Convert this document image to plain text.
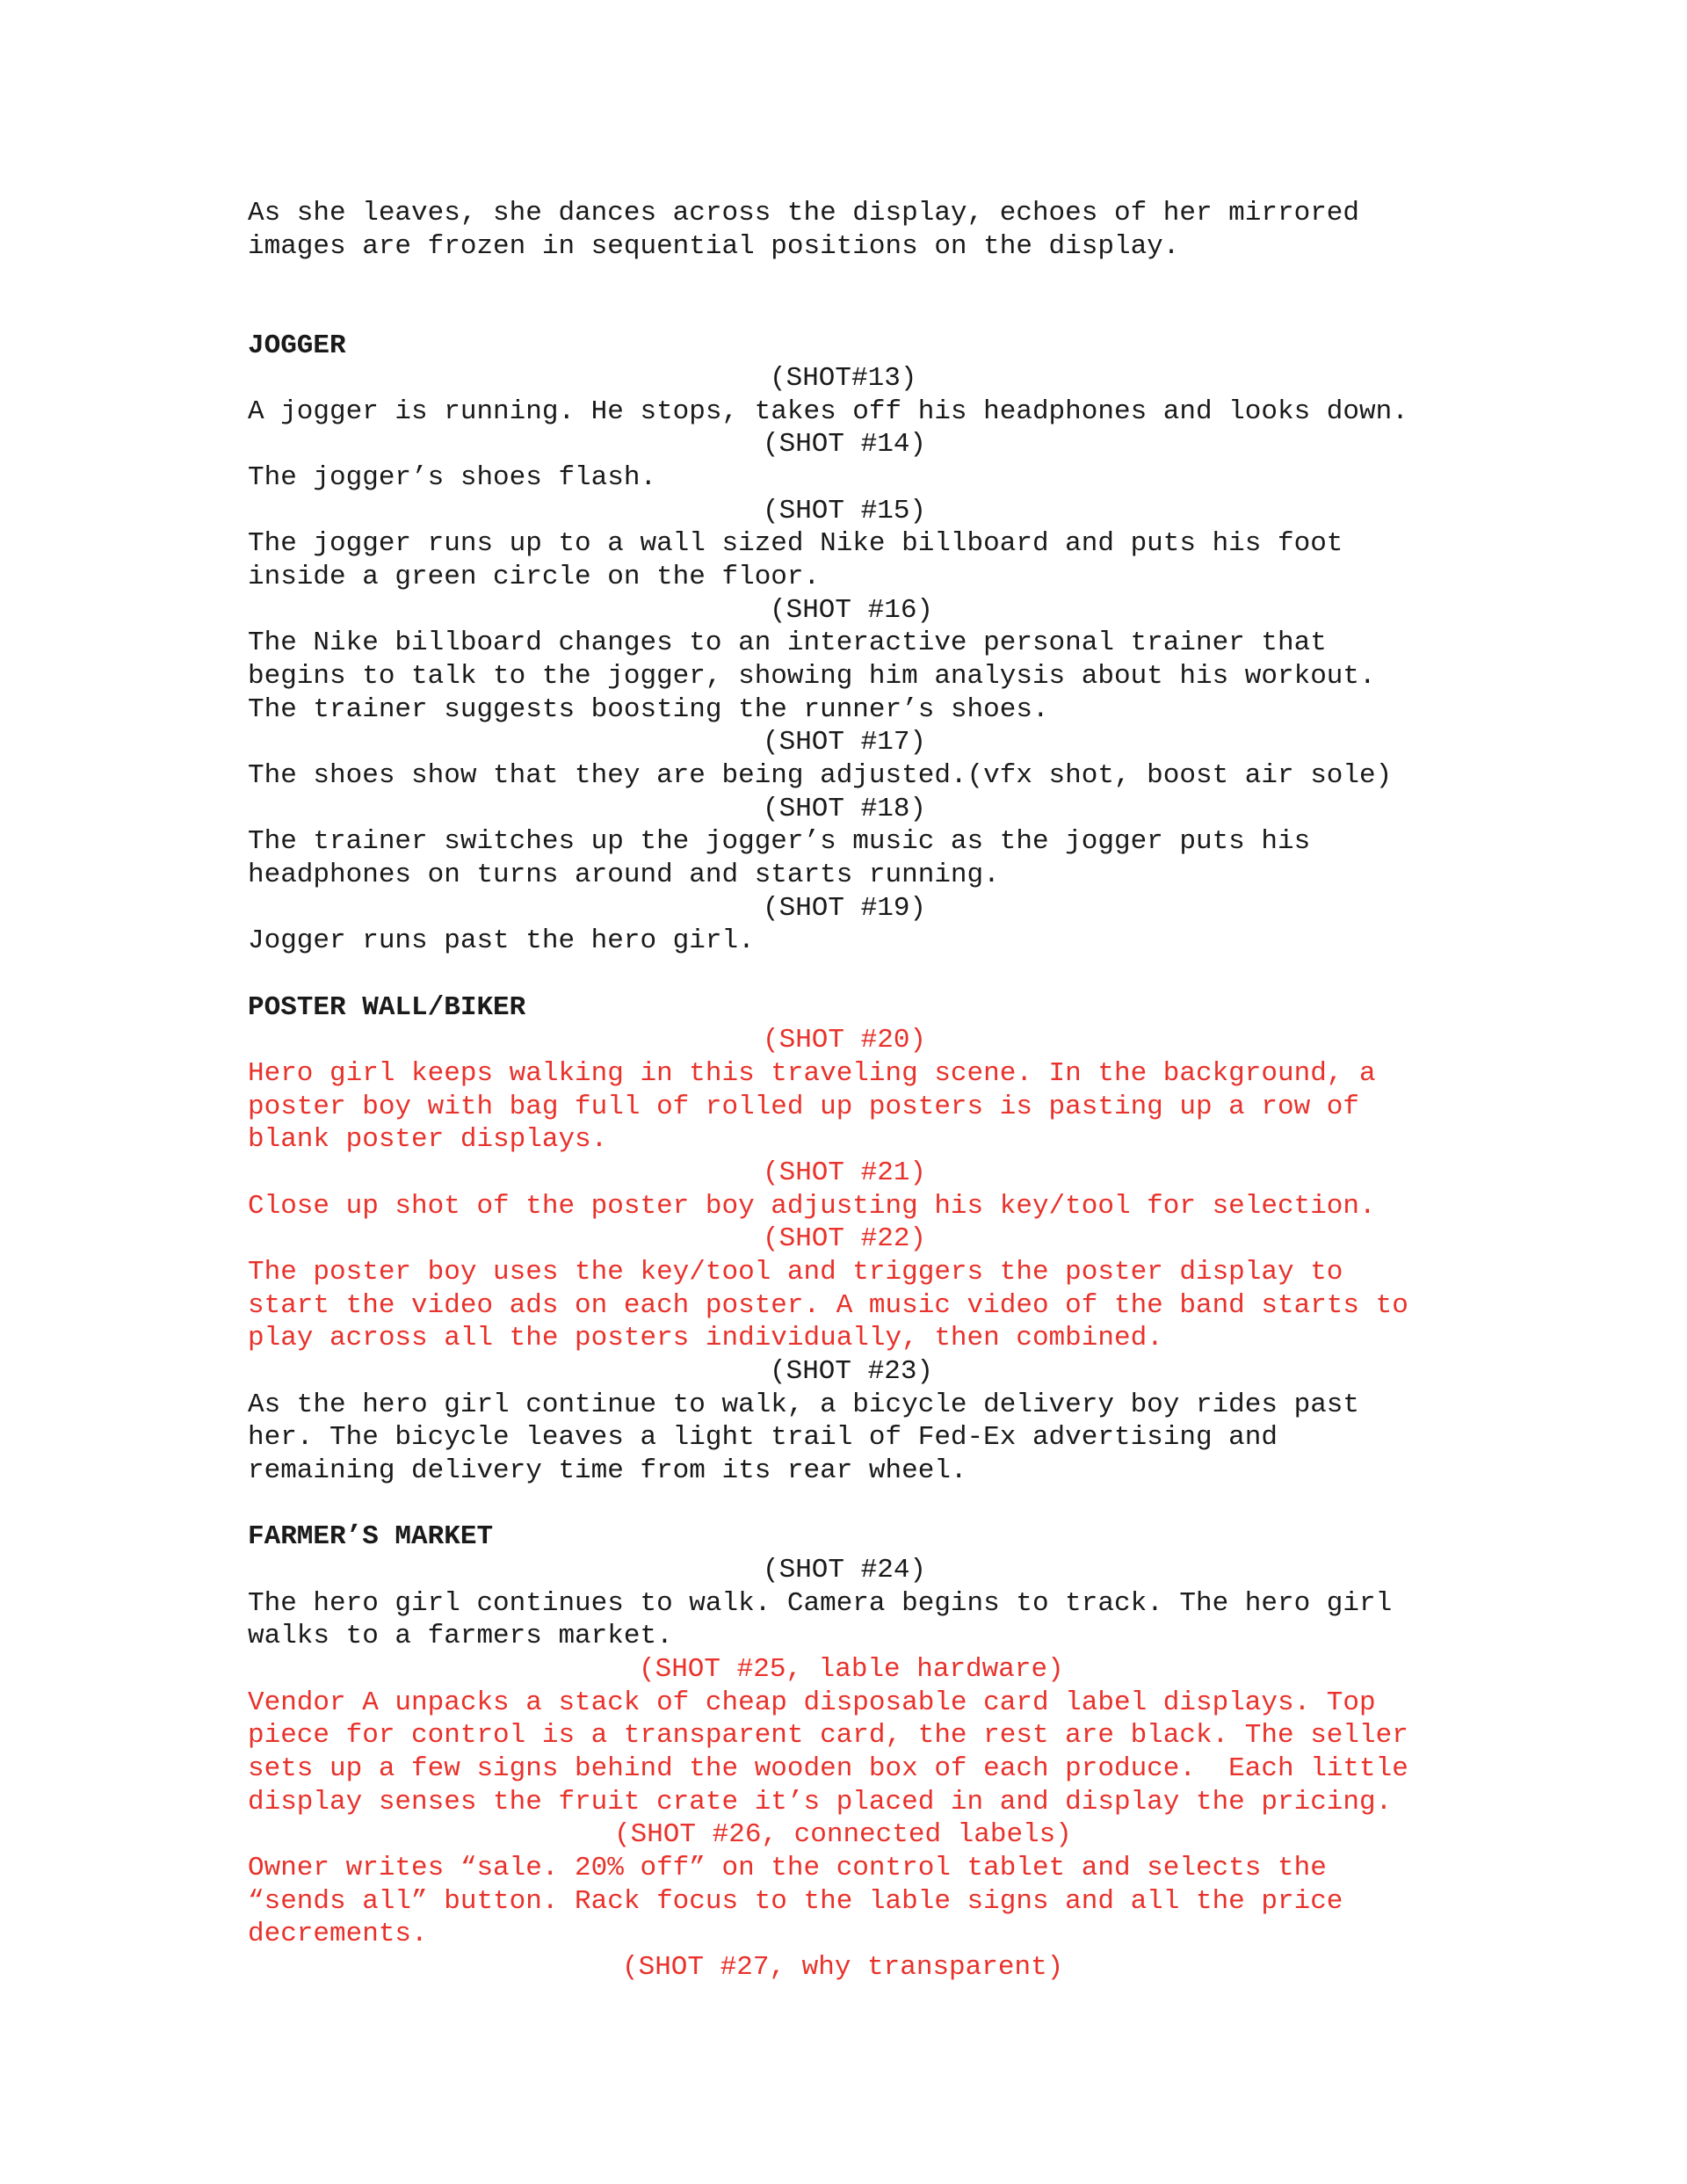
As she leaves, she dances across the display, echoes of her mirrored
images are frozen in sequential positions on the display.
JOGGER
(SHOT#13)
A jogger is running. He stops, takes off his headphones and looks down.
(SHOT #14)
The jogger’s shoes flash.
(SHOT #15)
The jogger runs up to a wall sized Nike billboard and puts his foot
inside a green circle on the floor.
(SHOT #16)
The Nike billboard changes to an interactive personal trainer that
begins to talk to the jogger, showing him analysis about his workout.
The trainer suggests boosting the runner’s shoes.
(SHOT #17)
The shoes show that they are being adjusted.(vfx shot, boost air sole)
(SHOT #18)
The trainer switches up the jogger’s music as the jogger puts his
headphones on turns around and starts running.
(SHOT #19)
Jogger runs past the hero girl.
POSTER WALL/BIKER
(SHOT #20)
Hero girl keeps walking in this traveling scene. In the background, a
poster boy with bag full of rolled up posters is pasting up a row of
blank poster displays.
(SHOT #21)
Close up shot of the poster boy adjusting his key/tool for selection.
(SHOT #22)
The poster boy uses the key/tool and triggers the poster display to
start the video ads on each poster. A music video of the band starts to
play across all the posters individually, then combined.
(SHOT #23)
As the hero girl continue to walk, a bicycle delivery boy rides past
her. The bicycle leaves a light trail of Fed-Ex advertising and
remaining delivery time from its rear wheel.
FARMER’S MARKET
(SHOT #24)
The hero girl continues to walk. Camera begins to track. The hero girl
walks to a farmers market.
(SHOT #25, lable hardware)
Vendor A unpacks a stack of cheap disposable card label displays. Top
piece for control is a transparent card, the rest are black. The seller
sets up a few signs behind the wooden box of each produce.  Each little
display senses the fruit crate it’s placed in and display the pricing.
(SHOT #26, connected labels)
Owner writes “sale. 20% off” on the control tablet and selects the
“sends all” button. Rack focus to the lable signs and all the price
decrements.
(SHOT #27, why transparent)
